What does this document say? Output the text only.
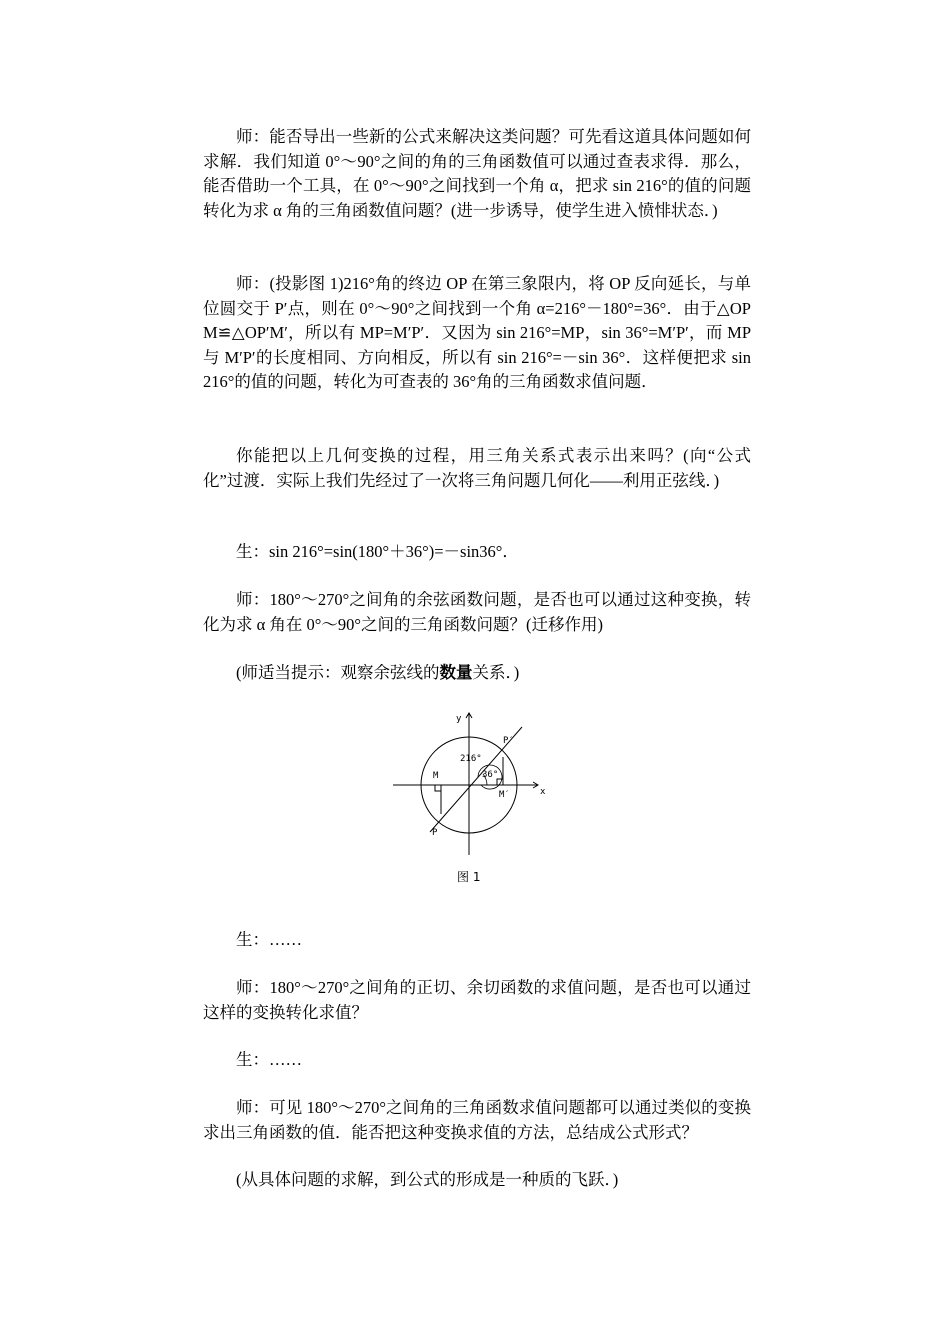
师：能否导出一些新的公式来解决这类问题？可先看这道具体问题如何求解．我们知道 0°～90°之间的角的三角函数值可以通过查表求得．那么，能否借助一个工具，在 0°～90°之间找到一个角 α，把求 sin 216°的值的问题转化为求 α 角的三角函数值问题？(进一步诱导，使学生进入愤悱状态．)

师：(投影图 1)216°角的终边 OP 在第三象限内，将 OP 反向延长，与单位圆交于 P′点，则在 0°～90°之间找到一个角 α=216°－180°=36°．由于△OPM≌△OP′M′，所以有 MP=M′P′．又因为 sin 216°=MP，sin 36°=M′P′，而 MP 与 M′P′的长度相同、方向相反，所以有 sin 216°=－sin 36°．这样便把求 sin 216°的值的问题，转化为可查表的 36°角的三角函数求值问题．

你能把以上几何变换的过程，用三角关系式表示出来吗？(向“公式化”过渡．实际上我们先经过了一次将三角问题几何化——利用正弦线．)

生：sin 216°=sin(180°＋36°)=－sin36°．

师：180°～270°之间角的余弦函数问题，是否也可以通过这种变换，转化为求 α 角在 0°～90°之间的三角函数问题？(迁移作用)

(师适当提示：观察余弦线的数量关系．)

y
x
P′
216°
36°
M
M′
P
图 1

生：……

师：180°～270°之间角的正切、余切函数的求值问题，是否也可以通过这样的变换转化求值？

生：……

师：可见 180°～270°之间角的三角函数求值问题都可以通过类似的变换求出三角函数的值．能否把这种变换求值的方法，总结成公式形式？

(从具体问题的求解，到公式的形成是一种质的飞跃．)
